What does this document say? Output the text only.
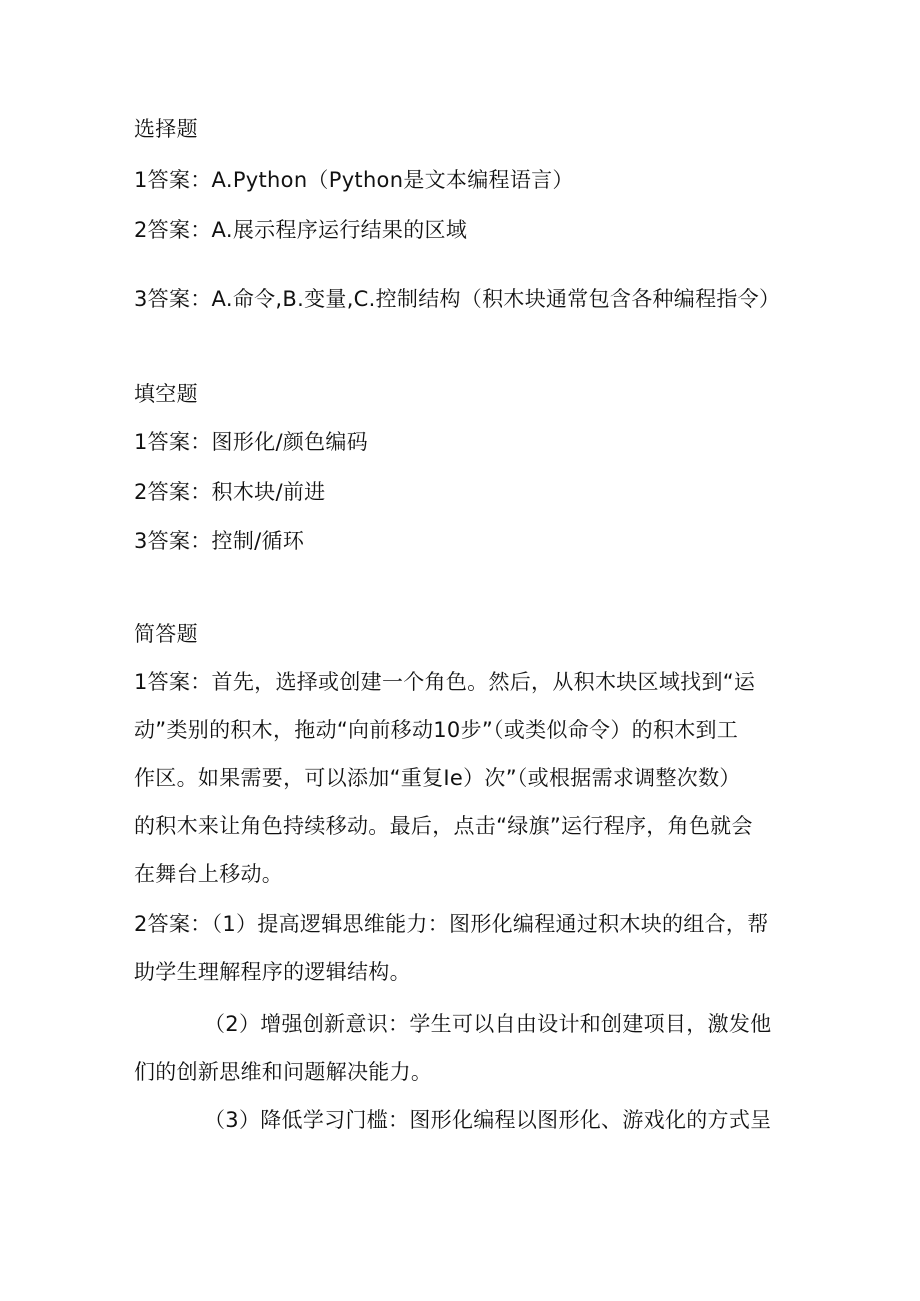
选择题
1答案：A.Python（Python是文本编程语言）
2答案：A.展示程序运行结果的区域
3答案：A.命令,B.变量,C.控制结构（积木块通常包含各种编程指令）
填空题
1答案：图形化/颜色编码
2答案：积木块/前进
3答案：控制/循环
简答题
1答案：首先，选择或创建一个角色。然后，从积木块区域找到“运
动”类别的积木，拖动“向前移动10步”（或类似命令）的积木到工
作区。如果需要，可以添加“重复Ie）次”（或根据需求调整次数）
的积木来让角色持续移动。最后，点击“绿旗”运行程序，角色就会
在舞台上移动。
2答案：（1）提高逻辑思维能力：图形化编程通过积木块的组合，帮
助学生理解程序的逻辑结构。
（2）增强创新意识：学生可以自由设计和创建项目，激发他
们的创新思维和问题解决能力。
（3）降低学习门槛：图形化编程以图形化、游戏化的方式呈
